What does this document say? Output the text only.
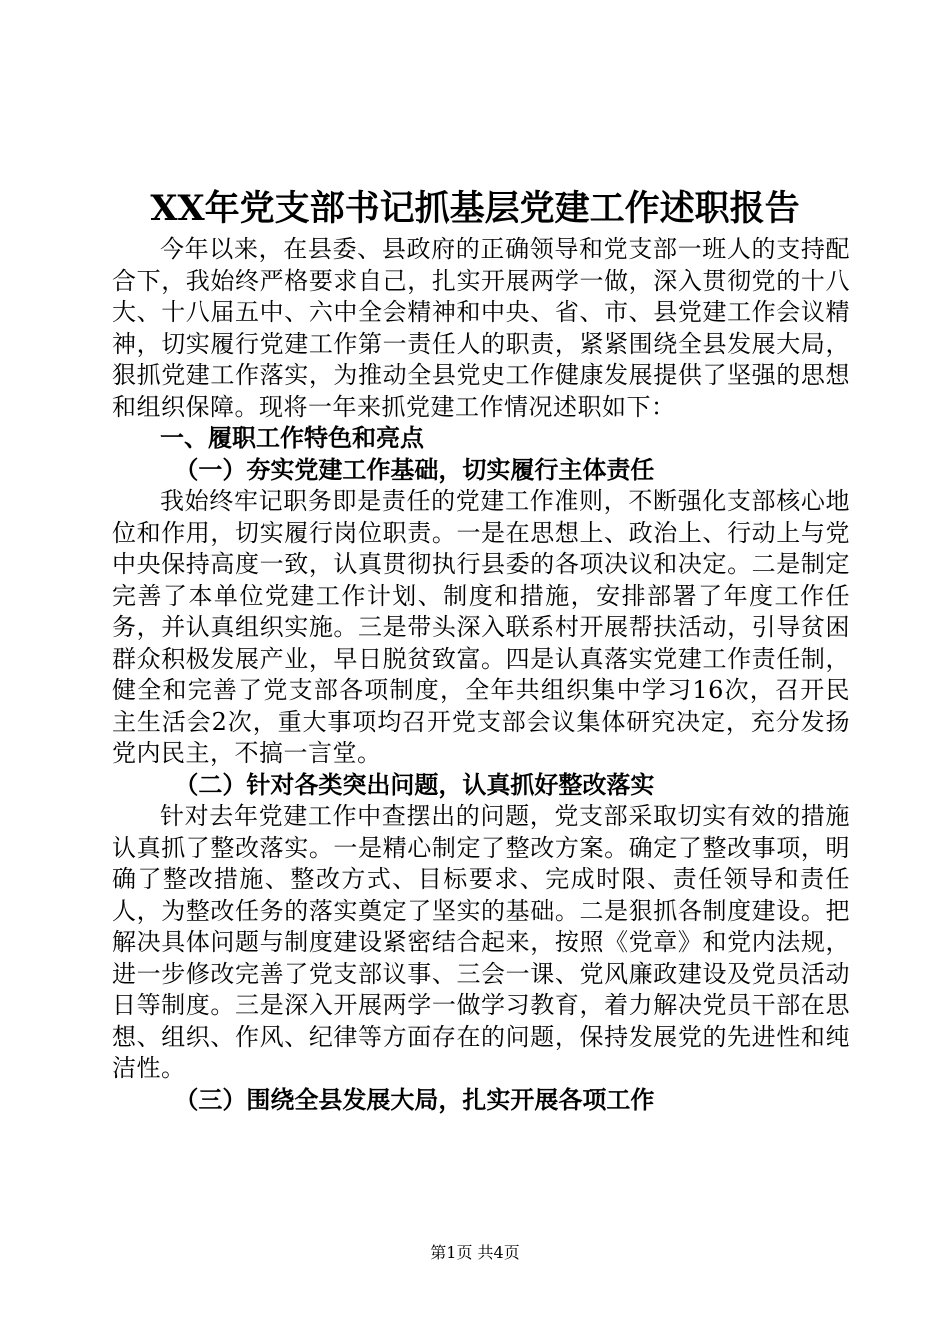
XX年党支部书记抓基层党建工作述职报告

今年以来，在县委、县政府的正确领导和党支部一班人的支持配合下，我始终严格要求自己，扎实开展两学一做，深入贯彻党的十八大、十八届五中、六中全会精神和中央、省、市、县党建工作会议精神，切实履行党建工作第一责任人的职责，紧紧围绕全县发展大局，狠抓党建工作落实，为推动全县党史工作健康发展提供了坚强的思想和组织保障。现将一年来抓党建工作情况述职如下：

一、履职工作特色和亮点

（一）夯实党建工作基础，切实履行主体责任

我始终牢记职务即是责任的党建工作准则，不断强化支部核心地位和作用，切实履行岗位职责。一是在思想上、政治上、行动上与党中央保持高度一致，认真贯彻执行县委的各项决议和决定。二是制定完善了本单位党建工作计划、制度和措施，安排部署了年度工作任务，并认真组织实施。三是带头深入联系村开展帮扶活动，引导贫困群众积极发展产业，早日脱贫致富。四是认真落实党建工作责任制，健全和完善了党支部各项制度，全年共组织集中学习16次，召开民主生活会2次，重大事项均召开党支部会议集体研究决定，充分发扬党内民主，不搞一言堂。

（二）针对各类突出问题，认真抓好整改落实

针对去年党建工作中查摆出的问题，党支部采取切实有效的措施认真抓了整改落实。一是精心制定了整改方案。确定了整改事项，明确了整改措施、整改方式、目标要求、完成时限、责任领导和责任人，为整改任务的落实奠定了坚实的基础。二是狠抓各制度建设。把解决具体问题与制度建设紧密结合起来，按照《党章》和党内法规，进一步修改完善了党支部议事、三会一课、党风廉政建设及党员活动日等制度。三是深入开展两学一做学习教育，着力解决党员干部在思想、组织、作风、纪律等方面存在的问题，保持发展党的先进性和纯洁性。

（三）围绕全县发展大局，扎实开展各项工作

第1页 共4页
